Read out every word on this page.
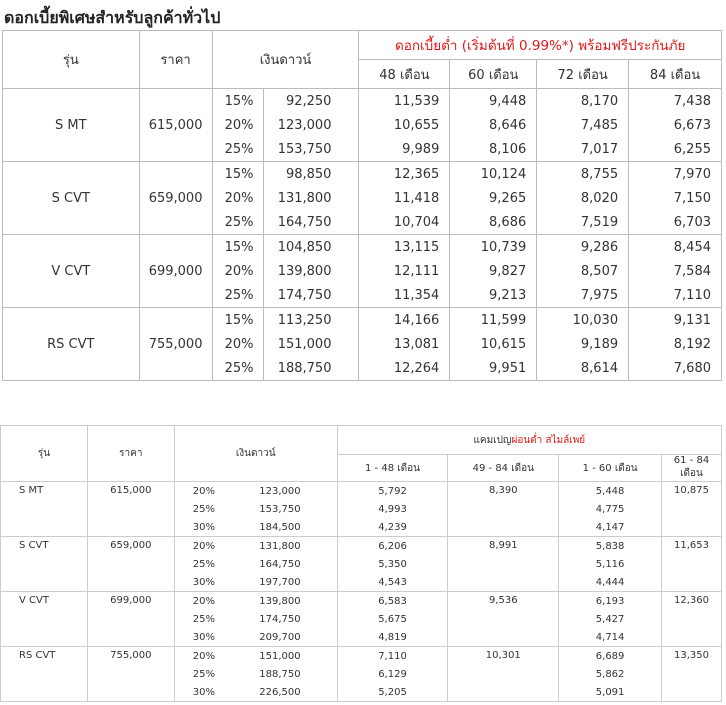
ดอกเบี้ยพิเศษสำหรับลูกค้าทั่วไป
รุ่น	ราคา	เงินดาวน์		ดอกเบี้ยต่ำ (เริ่มต้นที่ 0.99%*) พร้อมฟรีประกันภัย			
				48 เดือน	60 เดือน	72 เดือน	84 เดือน
S MT	615,000	15%	92,250	11,539	9,448	8,170	7,438
		20%	123,000	10,655	8,646	7,485	6,673
		25%	153,750	9,989	8,106	7,017	6,255
S CVT	659,000	15%	98,850	12,365	10,124	8,755	7,970
		20%	131,800	11,418	9,265	8,020	7,150
		25%	164,750	10,704	8,686	7,519	6,703
V CVT	699,000	15%	104,850	13,115	10,739	9,286	8,454
		20%	139,800	12,111	9,827	8,507	7,584
		25%	174,750	11,354	9,213	7,975	7,110
RS CVT	755,000	15%	113,250	14,166	11,599	10,030	9,131
		20%	151,000	13,081	10,615	9,189	8,192
		25%	188,750	12,264	9,951	8,614	7,680
รุ่น	ราคา	เงินดาวน์		แคมเปญผ่อนต่ำ สไมล์เพย์			
				1 - 48 เดือน	49 - 84 เดือน	1 - 60 เดือน	61 - 84 เดือน
S MT	615,000	20%	123,000	5,792	8,390	5,448	10,875
		25%	153,750	4,993		4,775	
		30%	184,500	4,239		4,147	
S CVT	659,000	20%	131,800	6,206	8,991	5,838	11,653
		25%	164,750	5,350		5,116	
		30%	197,700	4,543		4,444	
V CVT	699,000	20%	139,800	6,583	9,536	6,193	12,360
		25%	174,750	5,675		5,427	
		30%	209,700	4,819		4,714	
RS CVT	755,000	20%	151,000	7,110	10,301	6,689	13,350
		25%	188,750	6,129		5,862	
		30%	226,500	5,205		5,091	
